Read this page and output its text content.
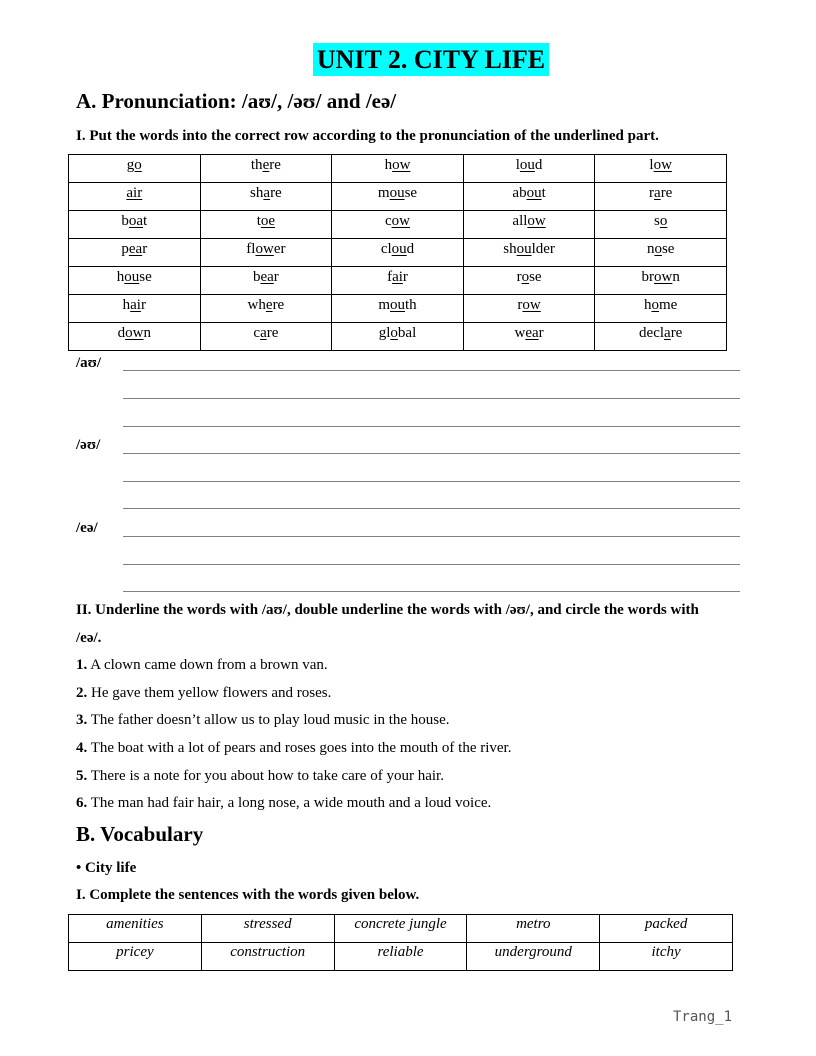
UNIT 2. CITY LIFE
A. Pronunciation: /aʊ/, /əʊ/ and /eə/
I. Put the words into the correct row according to the pronunciation of the underlined part.
go	there	how	loud	low
air	share	mouse	about	rare
boat	toe	cow	allow	so
pear	flower	cloud	shoulder	nose
house	bear	fair	rose	brown
hair	where	mouth	row	home
down	care	global	wear	declare
/aʊ/
/əʊ/
/eə/
II. Underline the words with /aʊ/, double underline the words with /əʊ/, and circle the words with
/eə/.
1. A clown came down from a brown van.
2. He gave them yellow flowers and roses.
3. The father doesn’t allow us to play loud music in the house.
4. The boat with a lot of pears and roses goes into the mouth of the river.
5. There is a note for you about how to take care of your hair.
6. The man had fair hair, a long nose, a wide mouth and a loud voice.
B. Vocabulary
• City life
I. Complete the sentences with the words given below.
amenities	stressed	concrete jungle	metro	packed
pricey	construction	reliable	underground	itchy
Trang_1
